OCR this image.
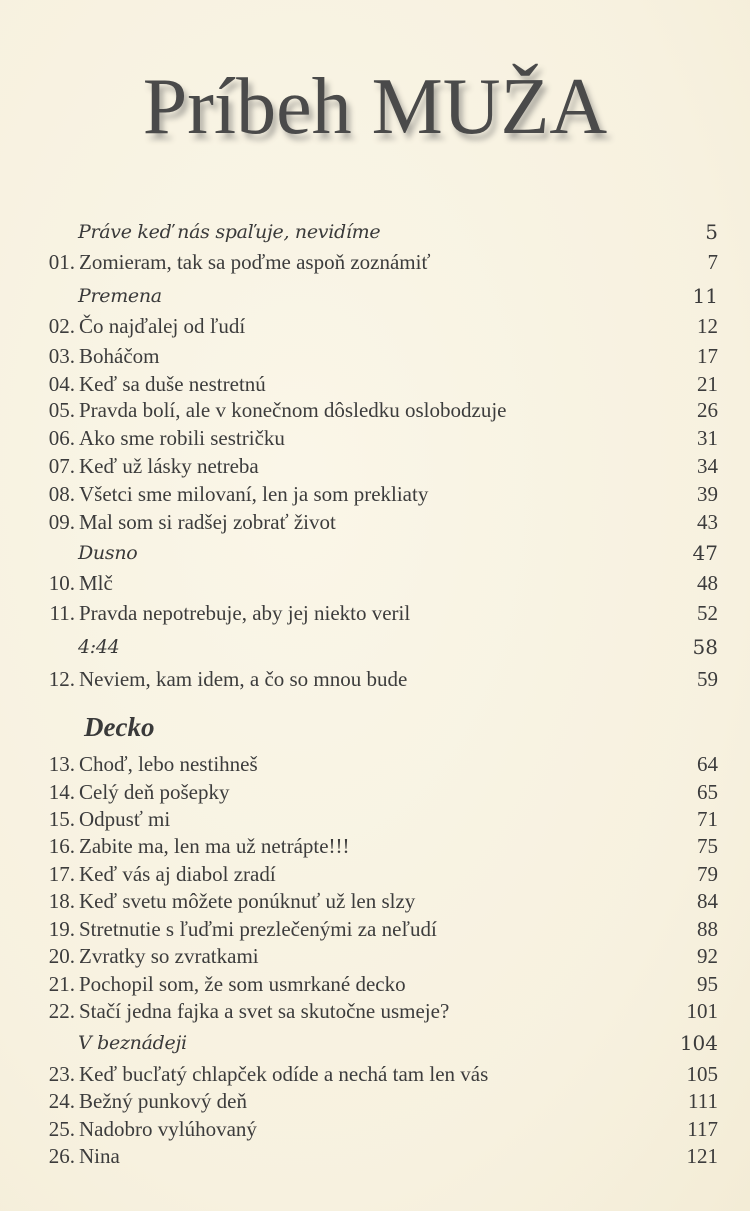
Príbeh MUŽA
Práve keď nás spaľuje, nevidíme	5
01. Zomieram, tak sa poďme aspoň zoznámiť	7
Premena	11
02. Čo najďalej od ľudí	12
03. Boháčom	17
04. Keď sa duše nestretnú	21
05. Pravda bolí, ale v konečnom dôsledku oslobodzuje	26
06. Ako sme robili sestričku	31
07. Keď už lásky netreba	34
08. Všetci sme milovaní, len ja som prekliaty	39
09. Mal som si radšej zobrať život	43
Dusno	47
10. Mlč	48
11. Pravda nepotrebuje, aby jej niekto veril	52
4:44	58
12. Neviem, kam idem, a čo so mnou bude	59
Decko
13. Choď, lebo nestihneš	64
14. Celý deň pošepky	65
15. Odpusť mi	71
16. Zabite ma, len ma už netrápte!!!	75
17. Keď vás aj diabol zradí	79
18. Keď svetu môžete ponúknuť už len slzy	84
19. Stretnutie s ľuďmi prezlečenými za neľudí	88
20. Zvratky so zvratkami	92
21. Pochopil som, že som usmrkané decko	95
22. Stačí jedna fajka a svet sa skutočne usmeje?	101
V beznádeji	104
23. Keď bucľatý chlapček odíde a nechá tam len vás	105
24. Bežný punkový deň	111
25. Nadobro vylúhovaný	117
26. Nina	121
